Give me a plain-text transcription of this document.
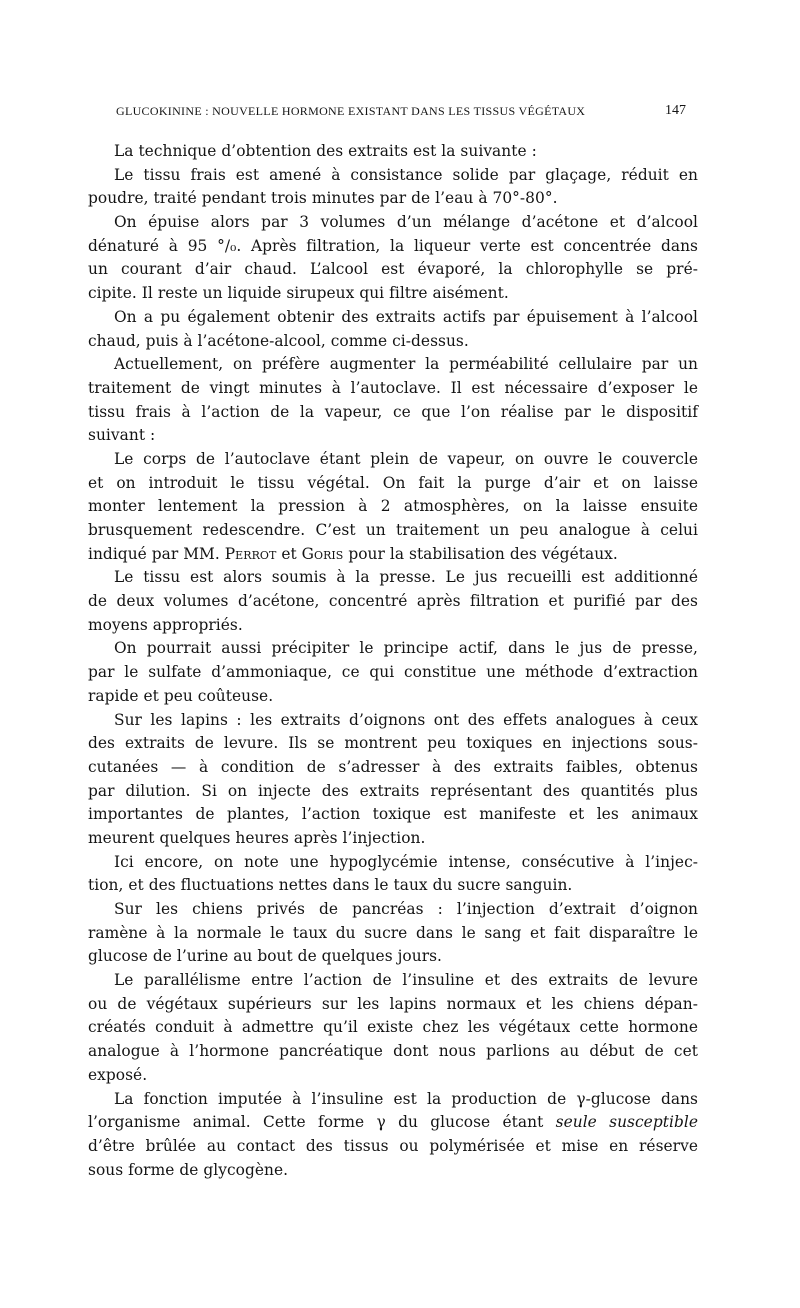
GLUCOKININE : NOUVELLE HORMONE EXISTANT DANS LES TISSUS VÉGÉTAUX	147
La technique d’obtention des extraits est la suivante :
Le tissu frais est amené à consistance solide par glaçage, réduit en
poudre, traité pendant trois minutes par de l’eau à 70°-80°.
On épuise alors par 3 volumes d’un mélange d’acétone et d’alcool
dénaturé à 95 °/₀. Après filtration, la liqueur verte est concentrée dans
un courant d’air chaud. L’alcool est évaporé, la chlorophylle se pré-
cipite. Il reste un liquide sirupeux qui filtre aisément.
On a pu également obtenir des extraits actifs par épuisement à l’alcool
chaud, puis à l’acétone-alcool, comme ci-dessus.
Actuellement, on préfère augmenter la perméabilité cellulaire par un
traitement de vingt minutes à l’autoclave. Il est nécessaire d’exposer le
tissu frais à l’action de la vapeur, ce que l’on réalise par le dispositif
suivant :
Le corps de l’autoclave étant plein de vapeur, on ouvre le couvercle
et on introduit le tissu végétal. On fait la purge d’air et on laisse
monter lentement la pression à 2 atmosphères, on la laisse ensuite
brusquement redescendre. C’est un traitement un peu analogue à celui
indiqué par MM. Perrot et Goris pour la stabilisation des végétaux.
Le tissu est alors soumis à la presse. Le jus recueilli est additionné
de deux volumes d’acétone, concentré après filtration et purifié par des
moyens appropriés.
On pourrait aussi précipiter le principe actif, dans le jus de presse,
par le sulfate d’ammoniaque, ce qui constitue une méthode d’extraction
rapide et peu coûteuse.
Sur les lapins : les extraits d’oignons ont des effets analogues à ceux
des extraits de levure. Ils se montrent peu toxiques en injections sous-
cutanées — à condition de s’adresser à des extraits faibles, obtenus
par dilution. Si on injecte des extraits représentant des quantités plus
importantes de plantes, l’action toxique est manifeste et les animaux
meurent quelques heures après l’injection.
Ici encore, on note une hypoglycémie intense, consécutive à l’injec-
tion, et des fluctuations nettes dans le taux du sucre sanguin.
Sur les chiens privés de pancréas : l’injection d’extrait d’oignon
ramène à la normale le taux du sucre dans le sang et fait disparaître le
glucose de l’urine au bout de quelques jours.
Le parallélisme entre l’action de l’insuline et des extraits de levure
ou de végétaux supérieurs sur les lapins normaux et les chiens dépan-
créatés conduit à admettre qu’il existe chez les végétaux cette hormone
analogue à l’hormone pancréatique dont nous parlions au début de cet
exposé.
La fonction imputée à l’insuline est la production de γ-glucose dans
l’organisme animal. Cette forme γ du glucose étant seule susceptible
d’être brûlée au contact des tissus ou polymérisée et mise en réserve
sous forme de glycogène.
